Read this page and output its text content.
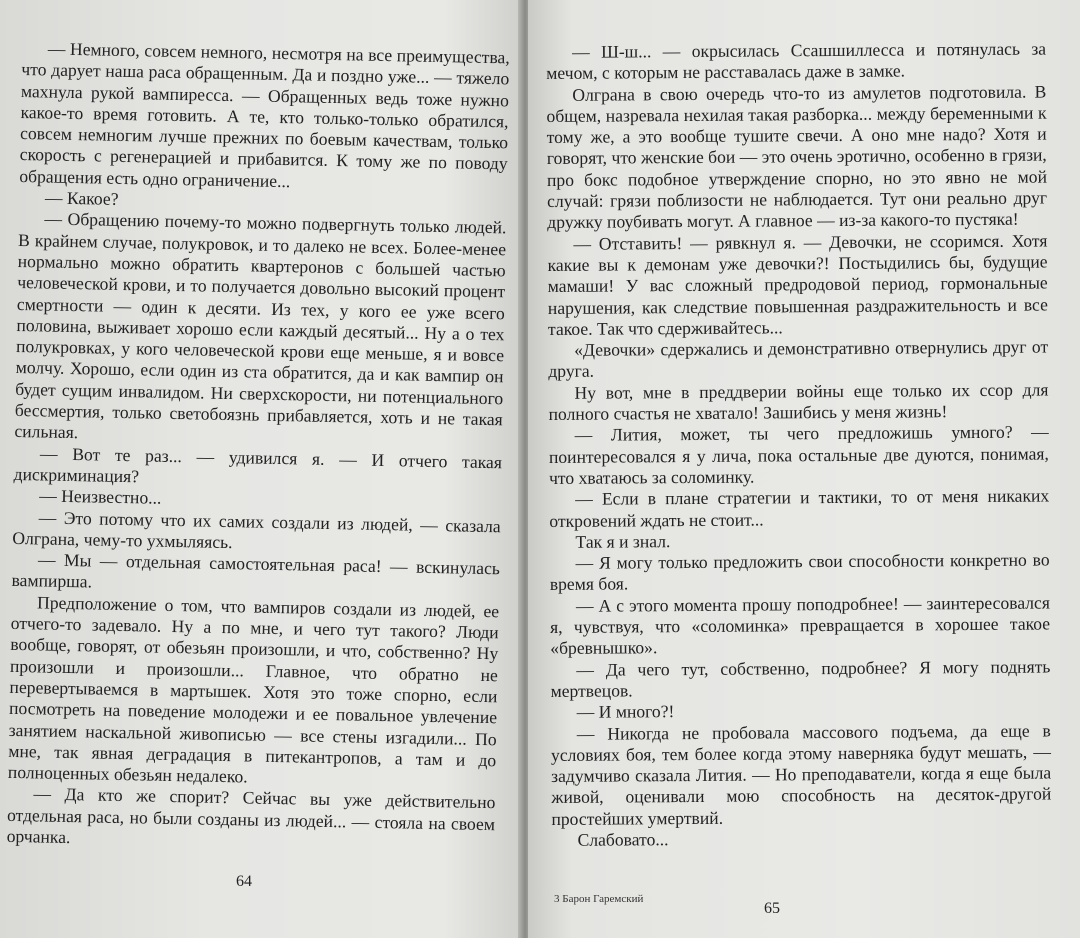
— Немного, совсем немного, несмотря на все преимущества, что дарует наша раса обращенным. Да и поздно уже... — тяжело махнула рукой вампиресса. — Обращенных ведь тоже нужно какое-то время готовить. А те, кто только-только обратился, совсем немногим лучше прежних по боевым качествам, только скорость с регенерацией и прибавится. К тому же по поводу обращения есть одно ограничение...

— Какое?

— Обращению почему-то можно подвергнуть только людей. В крайнем случае, полукровок, и то далеко не всех. Более-менее нормально можно обратить квартеронов с большей частью человеческой крови, и то получается довольно высокий процент смертности — один к десяти. Из тех, у кого ее уже всего половина, выживает хорошо если каждый десятый... Ну а о тех полукровках, у кого человеческой крови еще меньше, я и вовсе молчу. Хорошо, если один из ста обратится, да и как вампир он будет сущим инвалидом. Ни сверхскорости, ни потенциального бессмертия, только светобоязнь прибавляется, хоть и не такая сильная.

— Вот те раз... — удивился я. — И отчего такая дискриминация?

— Неизвестно...

— Это потому что их самих создали из людей, — сказала Олграна, чему-то ухмыляясь.

— Мы — отдельная самостоятельная раса! — вскинулась вампирша.

Предположение о том, что вампиров создали из людей, ее отчего-то задевало. Ну а по мне, и чего тут такого? Люди вообще, говорят, от обезьян произошли, и что, собственно? Ну произошли и произошли... Главное, что обратно не перевертываемся в мартышек. Хотя это тоже спорно, если посмотреть на поведение молодежи и ее повальное увлечение занятием наскальной живописью — все стены изгадили... По мне, так явная деградация в питекантропов, а там и до полноценных обезьян недалеко.

— Да кто же спорит? Сейчас вы уже действительно отдельная раса, но были созданы из людей... — стояла на своем орчанка.

64

— Ш-ш... — окрысилась Ссашшиллесса и потянулась за мечом, с которым не расставалась даже в замке.

Олграна в свою очередь что-то из амулетов подготовила. В общем, назревала нехилая такая разборка... между беременными к тому же, а это вообще тушите свечи. А оно мне надо? Хотя и говорят, что женские бои — это очень эротично, особенно в грязи, про бокс подобное утверждение спорно, но это явно не мой случай: грязи поблизости не наблюдается. Тут они реально друг дружку поубивать могут. А главное — из-за какого-то пустяка!

— Отставить! — рявкнул я. — Девочки, не ссоримся. Хотя какие вы к демонам уже девочки?! Постыдились бы, будущие мамаши! У вас сложный предродовой период, гормональные нарушения, как следствие повышенная раздражительность и все такое. Так что сдерживайтесь...

«Девочки» сдержались и демонстративно отвернулись друг от друга.

Ну вот, мне в преддверии войны еще только их ссор для полного счастья не хватало! Зашибись у меня жизнь!

— Лития, может, ты чего предложишь умного? — поинтересовался я у лича, пока остальные две дуются, понимая, что хватаюсь за соломинку.

— Если в плане стратегии и тактики, то от меня никаких откровений ждать не стоит...

Так я и знал.

— Я могу только предложить свои способности конкретно во время боя.

— А с этого момента прошу поподробнее! — заинтересовался я, чувствуя, что «соломинка» превращается в хорошее такое «бревнышко».

— Да чего тут, собственно, подробнее? Я могу поднять мертвецов.

— И много?!

— Никогда не пробовала массового подъема, да еще в условиях боя, тем более когда этому наверняка будут мешать, — задумчиво сказала Лития. — Но преподаватели, когда я еще была живой, оценивали мою способность на десяток-другой простейших умертвий.

Слабовато...

3 Барон Гаремский
65
